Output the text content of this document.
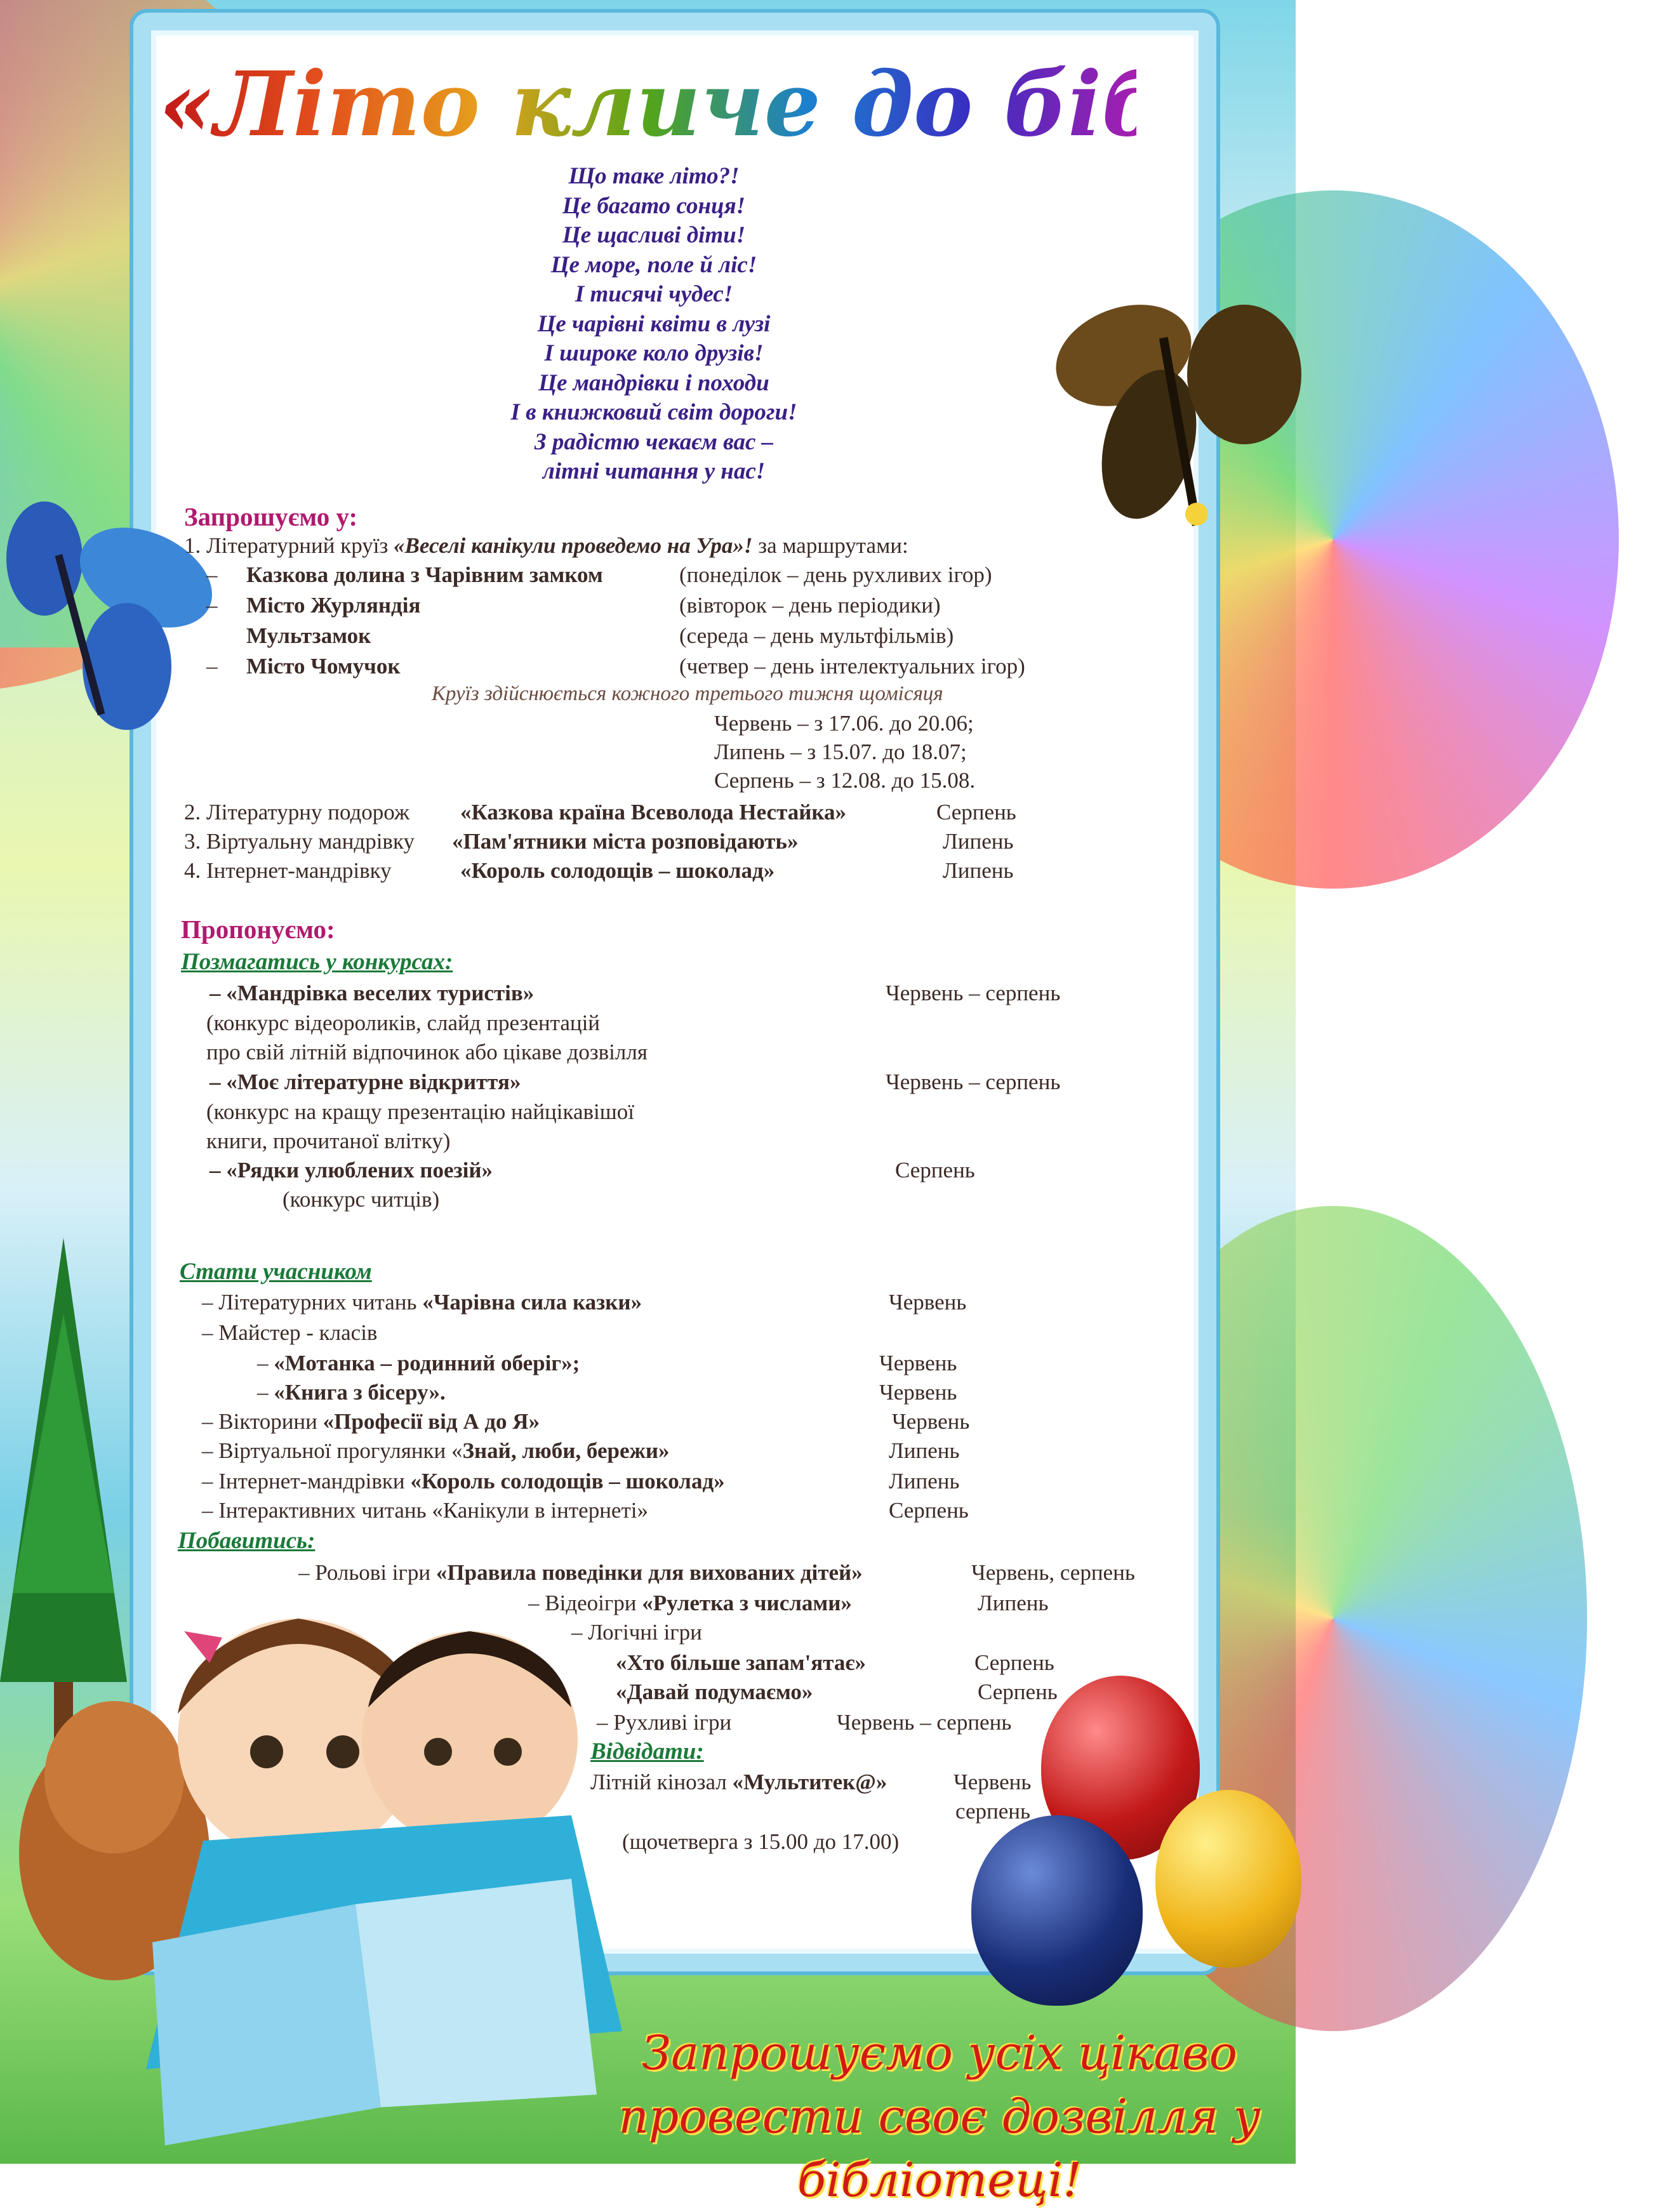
«Літо кличе до бібліотеки»
Що таке літо?!
Це багато сонця!
Це щасливі діти!
Це море, поле й ліс!
І тисячі чудес!
Це чарівні квіти в лузі
І широке коло друзів!
Це мандрівки і походи
І в книжковий світ дороги!
З радістю чекаєм вас –
літні читання у нас!
Запрошуємо у:
1. Літературний круїз «Веселі канікули проведемо на Ура»! за маршрутами:
– Казкова долина з Чарівним замком	(понеділок – день рухливих ігор)
– Місто Журляндія	(вівторок – день періодики)
Мультзамок	(середа – день мультфільмів)
– Місто Чомучок	(четвер – день інтелектуальних ігор)
Круїз здійснюється кожного третього тижня щомісяця
Червень – з 17.06. до 20.06;
Липень – з 15.07. до 18.07;
Серпень – з 12.08. до 15.08.
2. Літературну подорож «Казкова країна Всеволода Нестайка»	Серпень
3. Віртуальну мандрівку «Пам'ятники міста розповідають»	Липень
4. Інтернет-мандрівку	«Король солодощів – шоколад»	Липень
Пропонуємо:
Позмагатись у конкурсах:
– «Мандрівка веселих туристів»	Червень – серпень
(конкурс відеороликів, слайд презентацій
про свій літній відпочинок або цікаве дозвілля
– «Моє літературне відкриття»	Червень – серпень
(конкурс на кращу презентацію найцікавішої
книги, прочитаної влітку)
– «Рядки улюблених поезій»	Серпень
(конкурс читців)
Стати учасником
– Літературних читань «Чарівна сила казки»	Червень
– Майстер - класів
– «Мотанка – родинний оберіг»;	Червень
– «Книга з бісеру».	Червень
– Вікторини «Професії від А до Я»	Червень
– Віртуальної прогулянки «Знай, люби, бережи»	Липень
– Інтернет-мандрівки «Король солодощів – шоколад»	Липень
– Інтерактивних читань «Канікули в інтернеті»	Серпень
Побавитись:
– Рольові ігри «Правила поведінки для вихованих дітей»	Червень, серпень
– Відеоігри «Рулетка з числами»	Липень
– Логічні ігри
«Хто більше запам'ятає»	Серпень
«Давай подумаємо»	Серпень
– Рухливі ігри	Червень – серпень
Відвідати:
Літній кінозал «Мультитек@»	Червень
серпень
(щочетверга з 15.00 до 17.00)
Запрошуємо усіх цікаво
провести своє дозвілля у бібліотеці!
